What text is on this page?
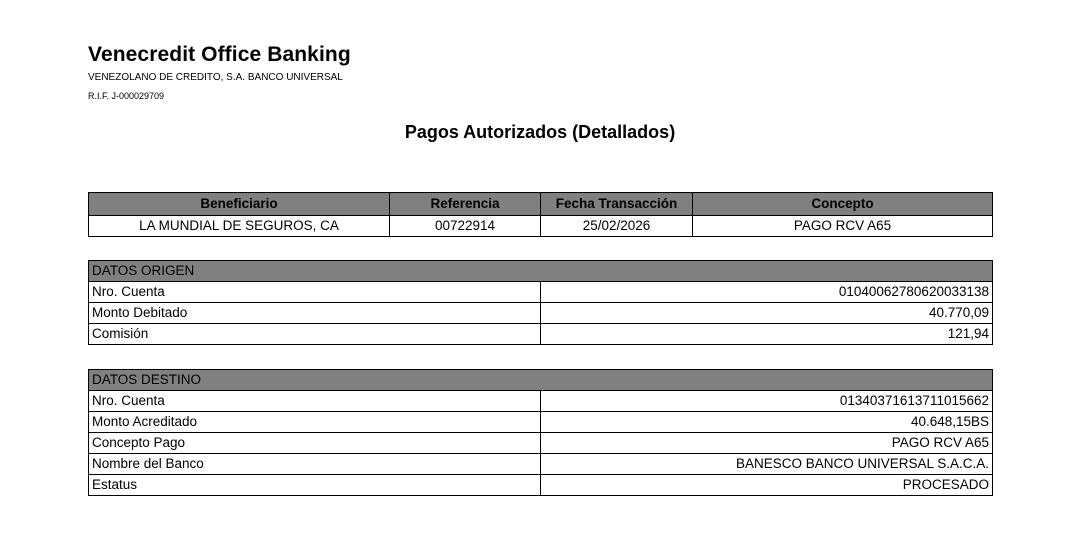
Venecredit Office Banking
VENEZOLANO DE CREDITO, S.A. BANCO UNIVERSAL
R.I.F. J-000029709
Pagos Autorizados (Detallados)
Beneficiario	Referencia	Fecha Transacción	Concepto
LA MUNDIAL DE SEGUROS, CA	00722914	25/02/2026	PAGO RCV A65
DATOS ORIGEN	
Nro. Cuenta	01040062780620033138
Monto Debitado	40.770,09
Comisión	121,94
DATOS DESTINO	
Nro. Cuenta	01340371613711015662
Monto Acreditado	40.648,15BS
Concepto Pago	PAGO RCV A65
Nombre del Banco	BANESCO BANCO UNIVERSAL S.A.C.A.
Estatus	PROCESADO
